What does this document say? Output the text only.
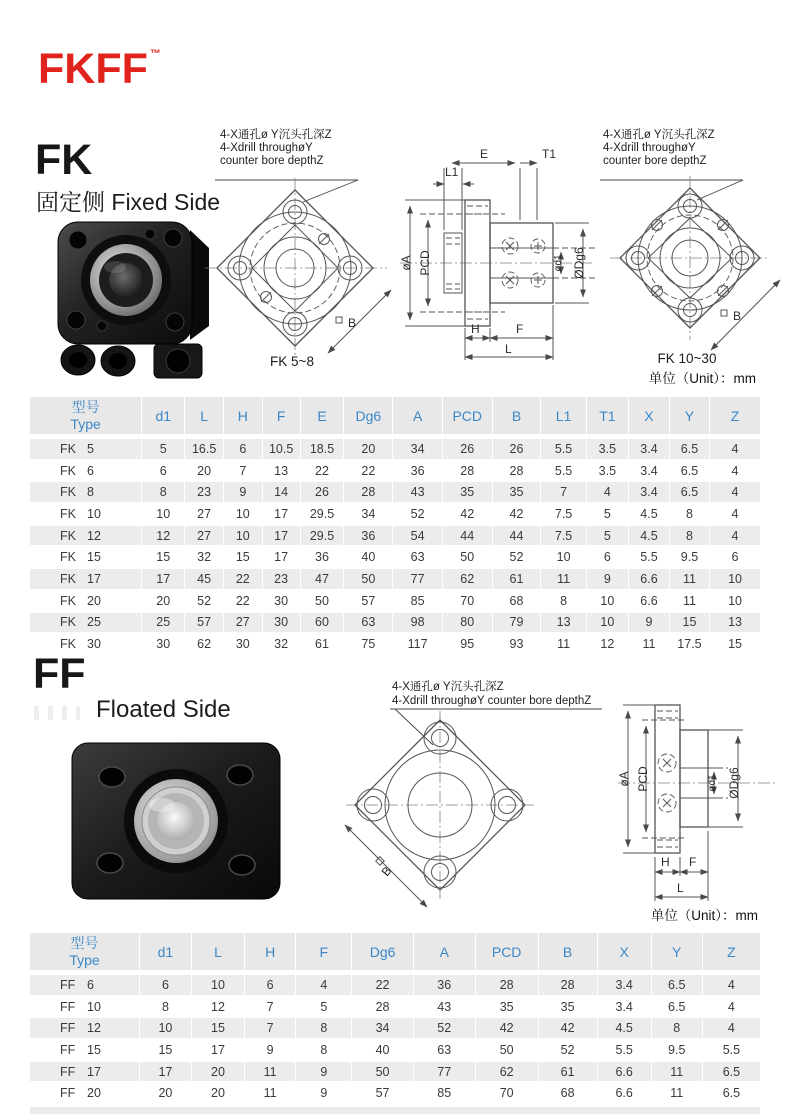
FKFF ™
FK
固定侧 Fixed Side
4-X通孔ø Y沉头孔深Z
4-Xdrill throughøY
counter bore depthZ
B
FK 5~8
E	T1
L1
øA PCD	ød1 ØDg6
H	F
L
4-X通孔ø Y沉头孔深Z
4-Xdrill throughøY
counter bore depthZ
B
FK 10~30
单位（Unit）：mm
型号
Type	d1	L	H	F	E	Dg6	A	PCD	B	L1	T1	X	Y	Z
FK 5	5	16.5	6	10.5	18.5	20	34	26	26	5.5	3.5	3.4	6.5	4
FK 6	6	20	7	13	22	22	36	28	28	5.5	3.5	3.4	6.5	4
FK 8	8	23	9	14	26	28	43	35	35	7	4	3.4	6.5	4
FK 10	10	27	10	17	29.5	34	52	42	42	7.5	5	4.5	8	4
FK 12	12	27	10	17	29.5	36	54	44	44	7.5	5	4.5	8	4
FK 15	15	32	15	17	36	40	63	50	52	10	6	5.5	9.5	6
FK 17	17	45	22	23	47	50	77	62	61	11	9	6.6	11	10
FK 20	20	52	22	30	50	57	85	70	68	8	10	6.6	11	10
FK 25	25	57	27	30	60	63	98	80	79	13	10	9	15	13
FK 30	30	62	30	32	61	75	117	95	93	11	12	11	17.5	15
FF
Floated Side
4-X通孔ø Y沉头孔深Z
4-Xdrill throughøY counter bore depthZ
B
øA PCD	ød1 ØDg6
H F
L
单位（Unit）：mm
型号
Type	d1	L	H	F	Dg6	A	PCD	B	X	Y	Z
FF 6	6	10	6	4	22	36	28	28	3.4	6.5	4
FF 10	8	12	7	5	28	43	35	35	3.4	6.5	4
FF 12	10	15	7	8	34	52	42	42	4.5	8	4
FF 15	15	17	9	8	40	63	50	52	5.5	9.5	5.5
FF 17	17	20	11	9	50	77	62	61	6.6	11	6.5
FF 20	20	20	11	9	57	85	70	68	6.6	11	6.5
